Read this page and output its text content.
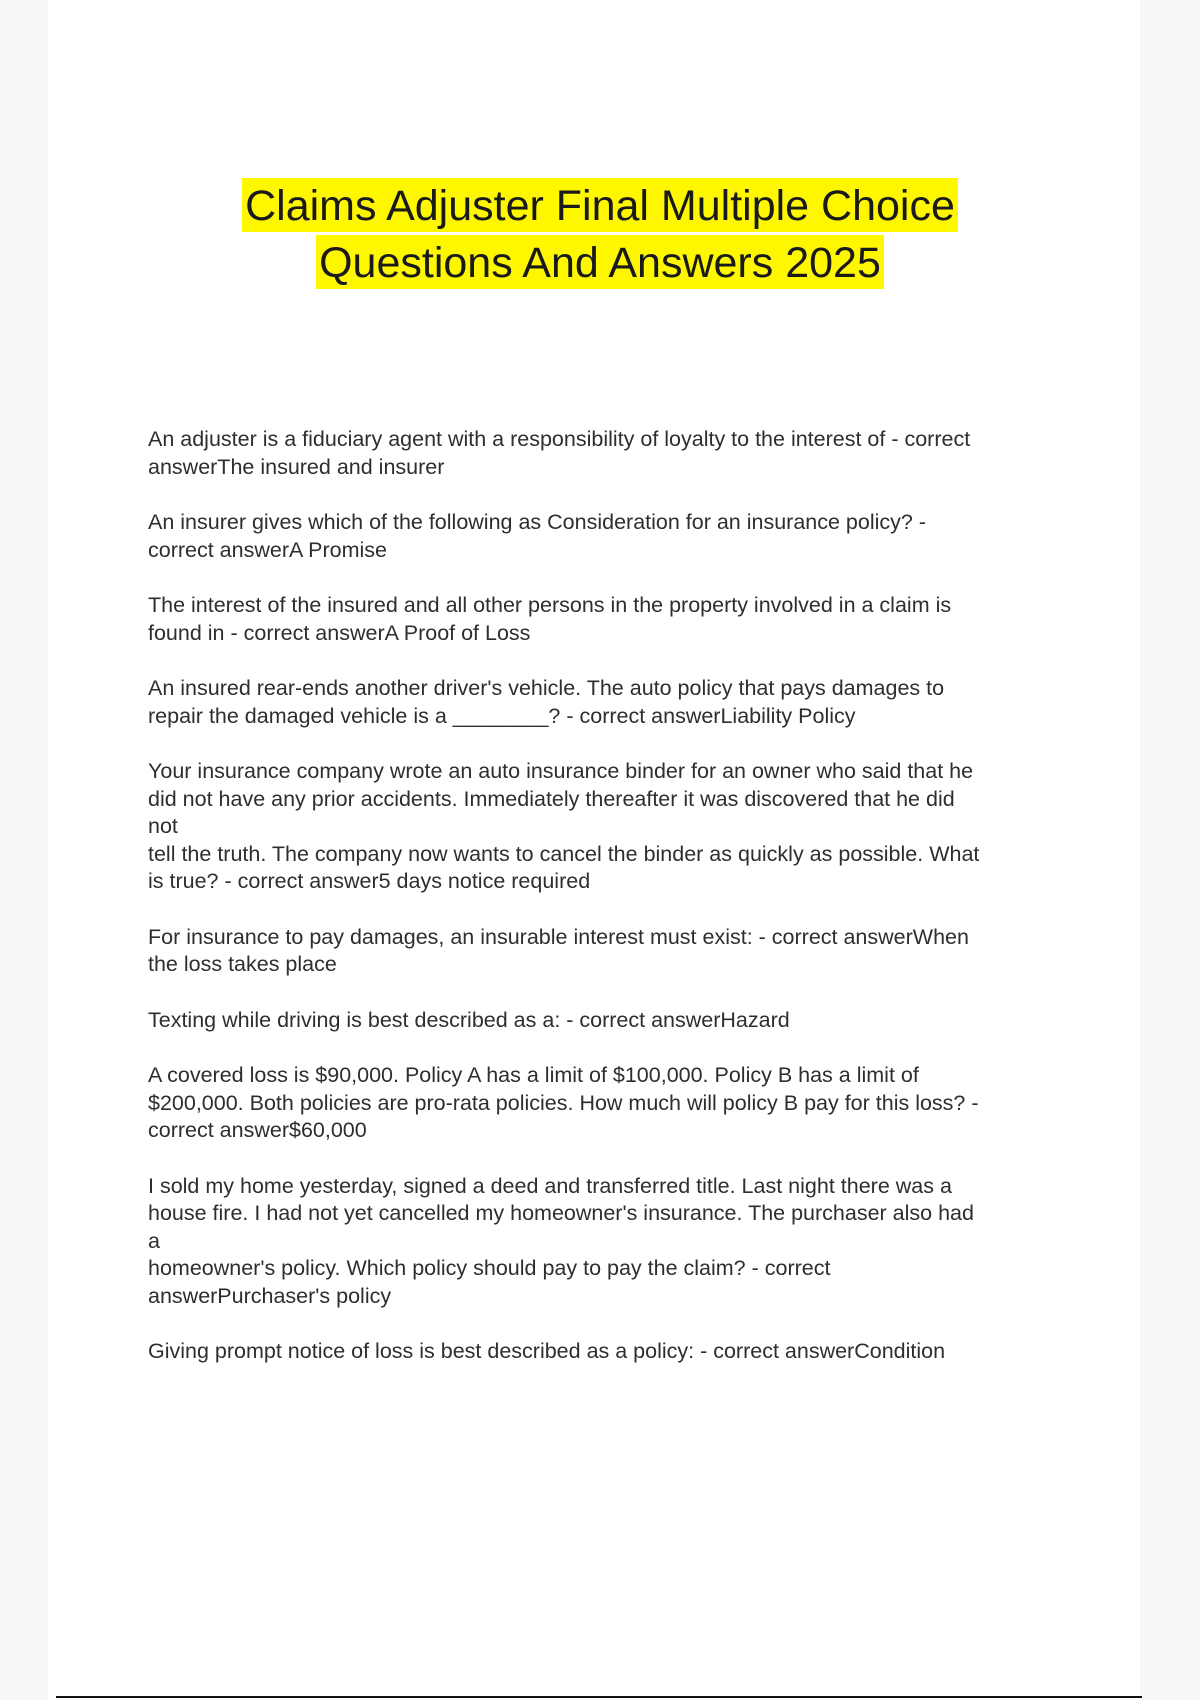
Claims Adjuster Final Multiple Choice
Questions And Answers 2025

An adjuster is a fiduciary agent with a responsibility of loyalty to the interest of - correct
answerThe insured and insurer

An insurer gives which of the following as Consideration for an insurance policy? -
correct answerA Promise

The interest of the insured and all other persons in the property involved in a claim is
found in - correct answerA Proof of Loss

An insured rear-ends another driver's vehicle. The auto policy that pays damages to
repair the damaged vehicle is a ________? - correct answerLiability Policy

Your insurance company wrote an auto insurance binder for an owner who said that he
did not have any prior accidents. Immediately thereafter it was discovered that he did
not
tell the truth. The company now wants to cancel the binder as quickly as possible. What
is true? - correct answer5 days notice required

For insurance to pay damages, an insurable interest must exist: - correct answerWhen
the loss takes place

Texting while driving is best described as a: - correct answerHazard

A covered loss is $90,000. Policy A has a limit of $100,000. Policy B has a limit of
$200,000. Both policies are pro-rata policies. How much will policy B pay for this loss? -
correct answer$60,000

I sold my home yesterday, signed a deed and transferred title. Last night there was a
house fire. I had not yet cancelled my homeowner's insurance. The purchaser also had
a
homeowner's policy. Which policy should pay to pay the claim? - correct
answerPurchaser's policy

Giving prompt notice of loss is best described as a policy: - correct answerCondition
